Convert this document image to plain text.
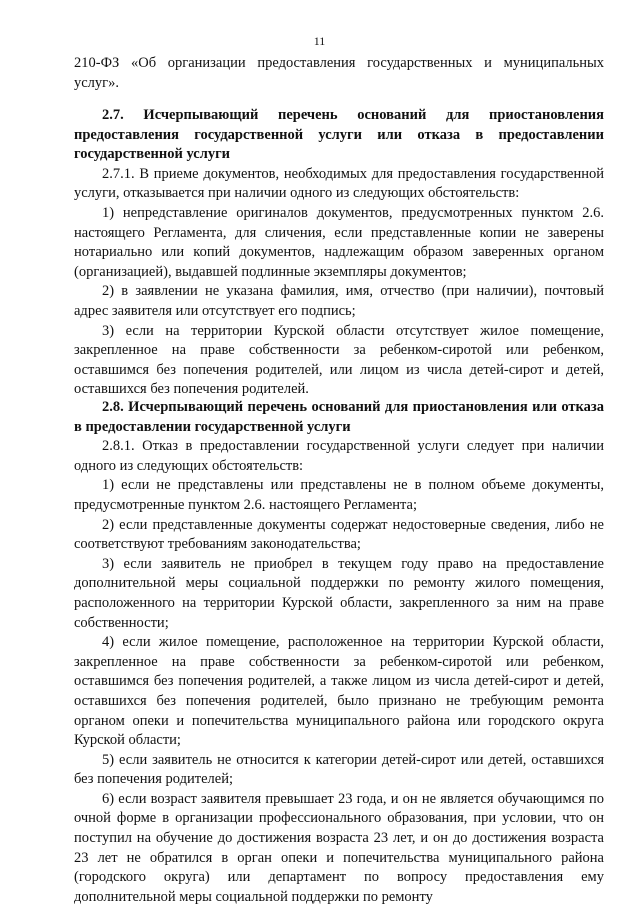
11
210-ФЗ «Об организации предоставления государственных и муниципальных услуг».
2.7. Исчерпывающий перечень оснований для приостановления предоставления государственной услуги или отказа в предоставлении государственной услуги
2.7.1. В приеме документов, необходимых для предоставления государственной услуги, отказывается при наличии одного из следующих обстоятельств:
1) непредставление оригиналов документов, предусмотренных пунктом 2.6. настоящего Регламента, для сличения, если представленные копии не заверены нотариально или копий документов, надлежащим образом заверенных органом (организацией), выдавшей подлинные экземпляры документов;
2) в заявлении не указана фамилия, имя, отчество (при наличии), почтовый адрес заявителя или отсутствует его подпись;
3) если на территории Курской области отсутствует жилое помещение, закрепленное на праве собственности за ребенком-сиротой или ребенком, оставшимся без попечения родителей, или лицом из числа детей-сирот и детей, оставшихся без попечения родителей.
2.8. Исчерпывающий перечень оснований для приостановления или отказа в предоставлении государственной услуги
2.8.1. Отказ в предоставлении государственной услуги следует при наличии одного из следующих обстоятельств:
1) если не представлены или представлены не в полном объеме документы, предусмотренные пунктом 2.6. настоящего Регламента;
2) если представленные документы содержат недостоверные сведения, либо не соответствуют требованиям законодательства;
3) если заявитель не приобрел в текущем году право на предоставление дополнительной меры социальной поддержки по ремонту жилого помещения, расположенного на территории Курской области, закрепленного за ним на праве собственности;
4) если жилое помещение, расположенное на территории Курской области, закрепленное на праве собственности за ребенком-сиротой или ребенком, оставшимся без попечения родителей, а также лицом из числа детей-сирот и детей, оставшихся без попечения родителей, было признано не требующим ремонта органом опеки и попечительства муниципального района или городского округа Курской области;
5) если заявитель не относится к категории детей-сирот или детей, оставшихся без попечения родителей;
6) если возраст заявителя превышает 23 года, и он не является обучающимся по очной форме в организации профессионального образования, при условии, что он поступил на обучение до достижения возраста 23 лет, и он до достижения возраста 23 лет не обратился в орган опеки и попечительства муниципального района (городского округа) или департамент по вопросу предоставления ему дополнительной меры социальной поддержки по ремонту
